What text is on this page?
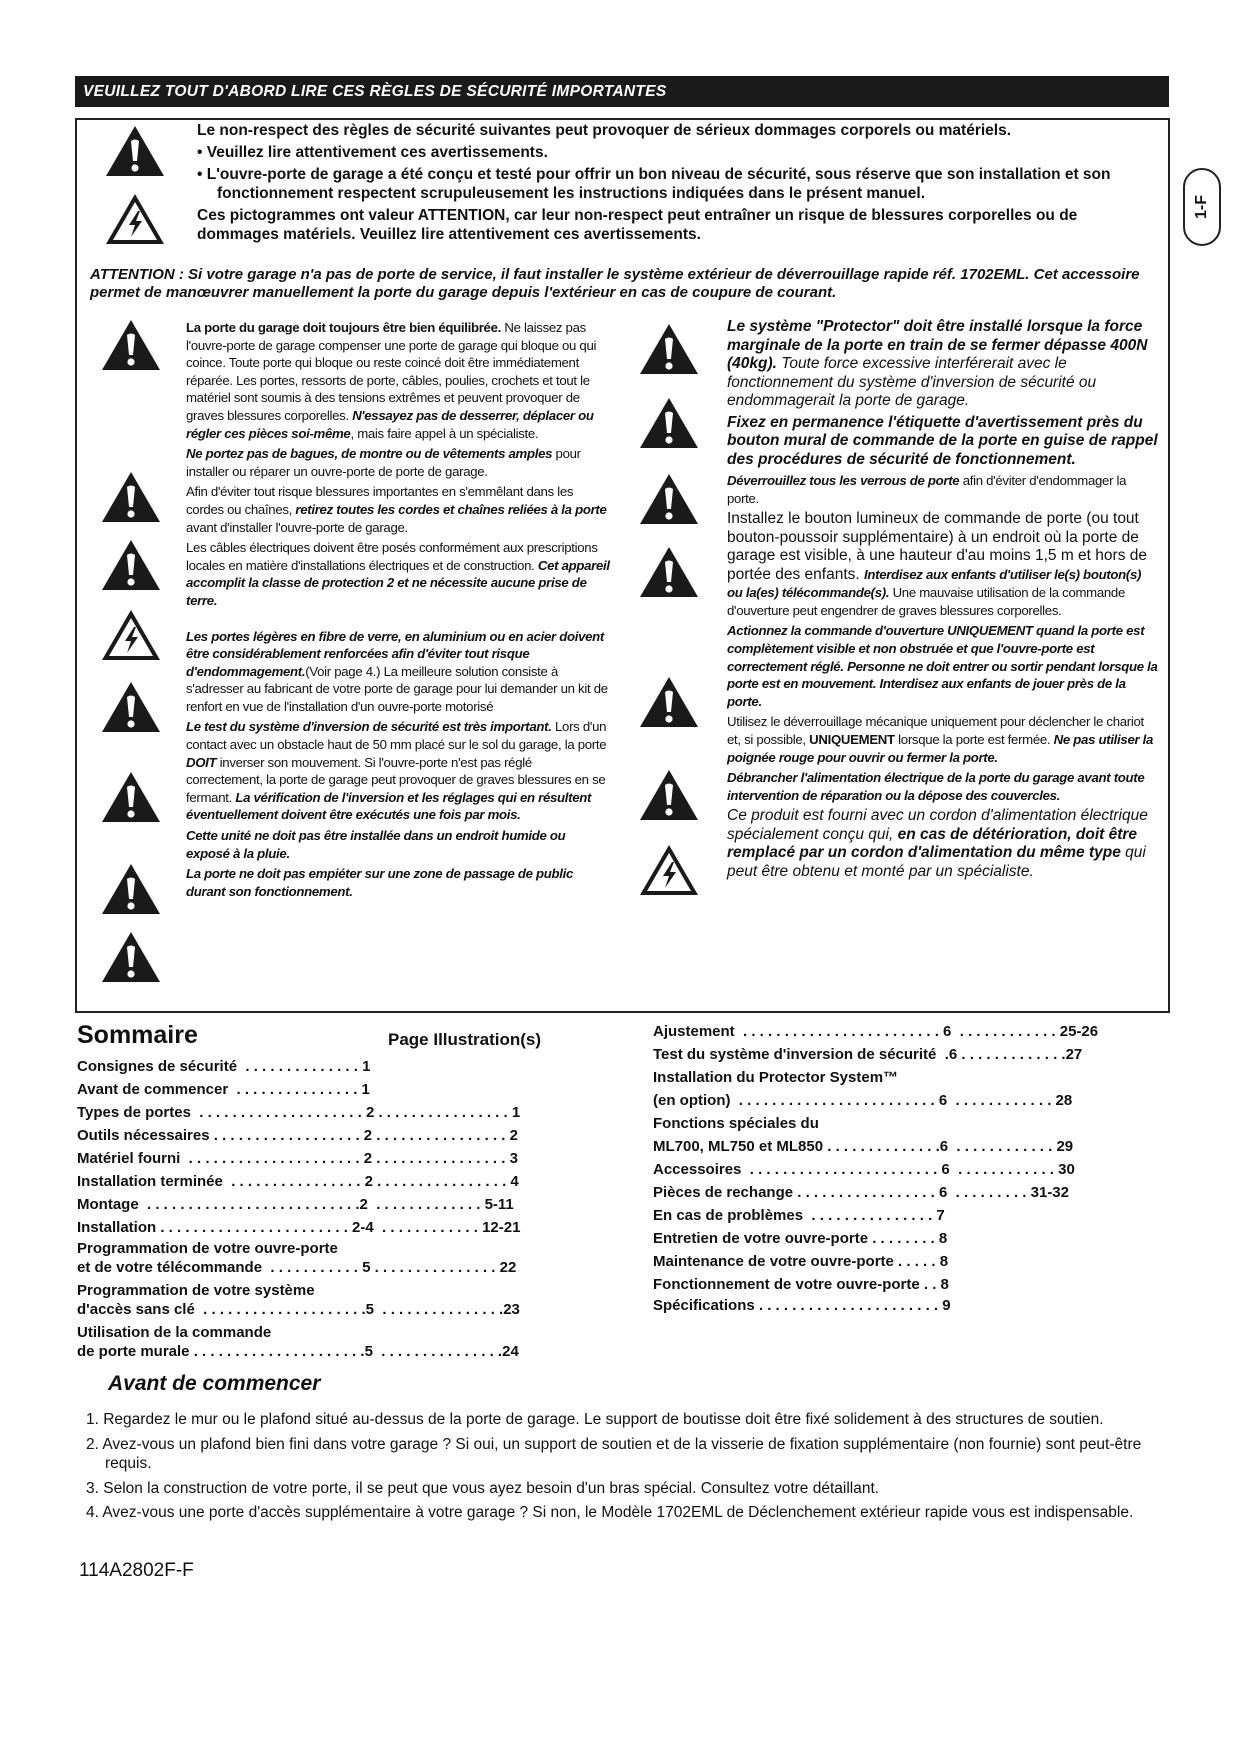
VEUILLEZ TOUT D'ABORD LIRE CES RÈGLES DE SÉCURITÉ IMPORTANTES
1-F
Le non-respect des règles de sécurité suivantes peut provoquer de sérieux dommages corporels ou matériels.
• Veuillez lire attentivement ces avertissements.
• L'ouvre-porte de garage a été conçu et testé pour offrir un bon niveau de sécurité, sous réserve que son installation et son fonctionnement respectent scrupuleusement les instructions indiquées dans le présent manuel.
Ces pictogrammes ont valeur ATTENTION, car leur non-respect peut entraîner un risque de blessures corporelles ou de dommages matériels. Veuillez lire attentivement ces avertissements.
ATTENTION : Si votre garage n'a pas de porte de service, il faut installer le système extérieur de déverrouillage rapide réf. 1702EML. Cet accessoire permet de manœuvrer manuellement la porte du garage depuis l'extérieur en cas de coupure de courant.

La porte du garage doit toujours être bien équilibrée. Ne laissez pas l'ouvre-porte de garage compenser une porte de garage qui bloque ou qui coince. Toute porte qui bloque ou reste coincé doit être immédiatement réparée. Les portes, ressorts de porte, câbles, poulies, crochets et tout le matériel sont soumis à des tensions extrêmes et peuvent provoquer de graves blessures corporelles. N'essayez pas de desserrer, déplacer ou régler ces pièces soi-même, mais faire appel à un spécialiste.

Ne portez pas de bagues, de montre ou de vêtements amples pour installer ou réparer un ouvre-porte de porte de garage.

Afin d'éviter tout risque blessures importantes en s'emmêlant dans les cordes ou chaînes, retirez toutes les cordes et chaînes reliées à la porte avant d'installer l'ouvre-porte de garage.

Les câbles électriques doivent être posés conformément aux prescriptions locales en matière d'installations électriques et de construction. Cet appareil accomplit la classe de protection 2 et ne nécessite aucune prise de terre.

Les portes légères en fibre de verre, en aluminium ou en acier doivent être considérablement renforcées afin d'éviter tout risque d'endommagement.(Voir page 4.) La meilleure solution consiste à s'adresser au fabricant de votre porte de garage pour lui demander un kit de renfort en vue de l'installation d'un ouvre-porte motorisé

Le test du système d'inversion de sécurité est très important. Lors d'un contact avec un obstacle haut de 50 mm placé sur le sol du garage, la porte DOIT inverser son mouvement. Si l'ouvre-porte n'est pas réglé correctement, la porte de garage peut provoquer de graves blessures en se fermant. La vérification de l'inversion et les réglages qui en résultent éventuellement doivent être exécutés une fois par mois.

Cette unité ne doit pas être installée dans un endroit humide ou exposé à la pluie.

La porte ne doit pas empiéter sur une zone de passage de public durant son fonctionnement.

Le système "Protector" doit être installé lorsque la force marginale de la porte en train de se fermer dépasse 400N (40kg). Toute force excessive interférerait avec le fonctionnement du système d'inversion de sécurité ou endommagerait la porte de garage.

Fixez en permanence l'étiquette d'avertissement près du bouton mural de commande de la porte en guise de rappel des procédures de sécurité de fonctionnement.

Déverrouillez tous les verrous de porte afin d'éviter d'endommager la porte.

Installez le bouton lumineux de commande de porte (ou tout bouton-poussoir supplémentaire) à un endroit où la porte de garage est visible, à une hauteur d'au moins 1,5 m et hors de portée des enfants. Interdisez aux enfants d'utiliser le(s) bouton(s) ou la(es) télécommande(s). Une mauvaise utilisation de la commande d'ouverture peut engendrer de graves blessures corporelles.

Actionnez la commande d'ouverture UNIQUEMENT quand la porte est complètement visible et non obstruée et que l'ouvre-porte est correctement réglé. Personne ne doit entrer ou sortir pendant lorsque la porte est en mouvement. Interdisez aux enfants de jouer près de la porte.

Utilisez le déverrouillage mécanique uniquement pour déclencher le chariot et, si possible, UNIQUEMENT lorsque la porte est fermée. Ne pas utiliser la poignée rouge pour ouvrir ou fermer la porte.

Débrancher l'alimentation électrique de la porte du garage avant toute intervention de réparation ou la dépose des couvercles.

Ce produit est fourni avec un cordon d'alimentation électrique spécialement conçu qui, en cas de détérioration, doit être remplacé par un cordon d'alimentation du même type qui peut être obtenu et monté par un spécialiste.

Sommaire	Page Illustration(s)
Consignes de sécurité  . . . . . . . . . . . . . . 1
Avant de commencer  . . . . . . . . . . . . . . . 1
Types de portes  . . . . . . . . . . . . . . . . . . . . 2 . . . . . . . . . . . . . . . . 1
Outils nécessaires . . . . . . . . . . . . . . . . . . 2 . . . . . . . . . . . . . . . . 2
Matériel fourni  . . . . . . . . . . . . . . . . . . . . . 2 . . . . . . . . . . . . . . . . 3
Installation terminée  . . . . . . . . . . . . . . . . 2 . . . . . . . . . . . . . . . . 4
Montage  . . . . . . . . . . . . . . . . . . . . . . . . . .2  . . . . . . . . . . . . . 5-11
Installation . . . . . . . . . . . . . . . . . . . . . . . 2-4  . . . . . . . . . . . . 12-21
Programmation de votre ouvre-porte
et de votre télécommande  . . . . . . . . . . . 5 . . . . . . . . . . . . . . . 22
Programmation de votre système
d'accès sans clé  . . . . . . . . . . . . . . . . . . . .5  . . . . . . . . . . . . . . .23
Utilisation de la commande
de porte murale . . . . . . . . . . . . . . . . . . . . .5  . . . . . . . . . . . . . . .24
Ajustement  . . . . . . . . . . . . . . . . . . . . . . . . 6  . . . . . . . . . . . . 25-26
Test du système d'inversion de sécurité  .6 . . . . . . . . . . . . .27
Installation du Protector System™
(en option)  . . . . . . . . . . . . . . . . . . . . . . . . 6  . . . . . . . . . . . . 28
Fonctions spéciales du
ML700, ML750 et ML850 . . . . . . . . . . . . . .6  . . . . . . . . . . . . 29
Accessoires  . . . . . . . . . . . . . . . . . . . . . . . 6  . . . . . . . . . . . . 30
Pièces de rechange . . . . . . . . . . . . . . . . . 6  . . . . . . . . . 31-32
En cas de problèmes  . . . . . . . . . . . . . . . 7
Entretien de votre ouvre-porte . . . . . . . . 8
Maintenance de votre ouvre-porte . . . . . 8
Fonctionnement de votre ouvre-porte . . 8
Spécifications . . . . . . . . . . . . . . . . . . . . . . 9
Avant de commencer
1. Regardez le mur ou le plafond situé au-dessus de la porte de garage. Le support de boutisse doit être fixé solidement à des structures de soutien.
2. Avez-vous un plafond bien fini dans votre garage ? Si oui, un support de soutien et de la visserie de fixation supplémentaire (non fournie) sont peut-être requis.
3. Selon la construction de votre porte, il se peut que vous ayez besoin d'un bras spécial. Consultez votre détaillant.
4. Avez-vous une porte d'accès supplémentaire à votre garage ? Si non, le Modèle 1702EML de Déclenchement extérieur rapide vous est indispensable.
114A2802F-F
